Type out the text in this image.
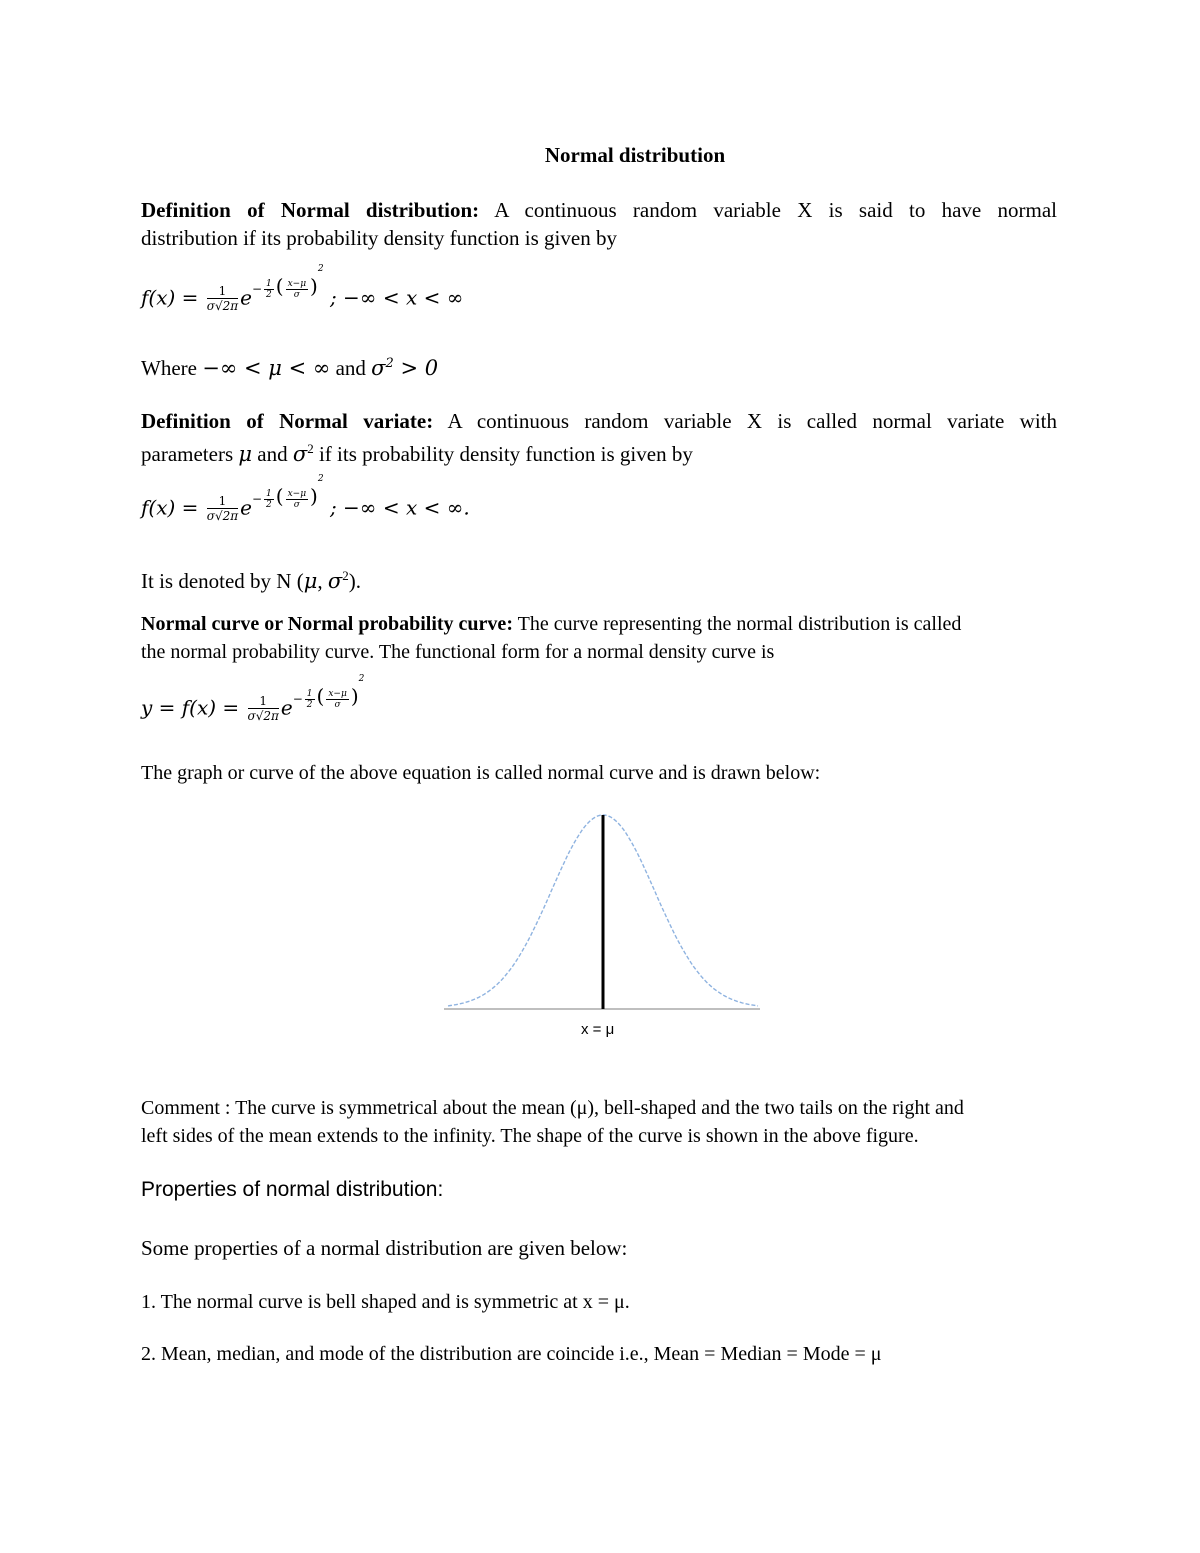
Normal distribution
Definition of Normal distribution: A continuous random variable X is said to have normal
distribution if its probability density function is given by
$f(x) = \frac{1}{\sigma√2\pi} e^{- \frac{1}{2} ( \frac{x-\mu}{\sigma} )^2}$ ; −∞ < x < ∞
Where −∞ < μ < ∞ and $\sigma^2 > 0$
Definition of Normal variate: A continuous random variable X is called normal variate with
parameters μ and $\sigma^2$ if its probability density function is given by
$f(x) = \frac{1}{\sigma√2\pi} e^{- \frac{1}{2} ( \frac{x-\mu}{\sigma} )^2}$ ; −∞ < x < ∞.
It is denoted by N (μ, $\sigma^2$).
Normal curve or Normal probability curve: The curve representing the normal distribution is called
the normal probability curve. The functional form for a normal density curve is
$y = f(x) = \frac{1}{\sigma√2\pi} e^{- \frac{1}{2} ( \frac{x-\mu}{\sigma} )^2}$
The graph or curve of the above equation is called normal curve and is drawn below:
x = μ
Comment : The curve is symmetrical about the mean (μ), bell-shaped and the two tails on the right and
left sides of the mean extends to the infinity. The shape of the curve is shown in the above figure.
Properties of normal distribution:
Some properties of a normal distribution are given below:
1. The normal curve is bell shaped and is symmetric at x = μ.
2. Mean, median, and mode of the distribution are coincide i.e., Mean = Median = Mode = μ
